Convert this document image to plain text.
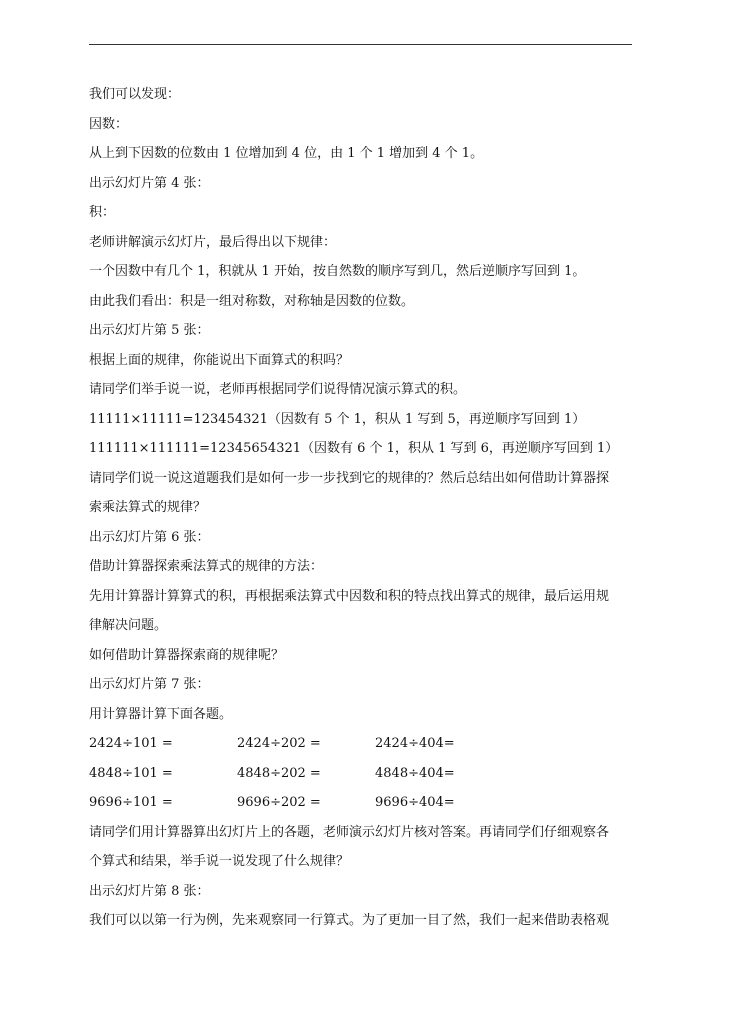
我们可以发现：

因数：

从上到下因数的位数由 1 位增加到 4 位，由 1 个 1 增加到 4 个 1。

出示幻灯片第 4 张：

积：

老师讲解演示幻灯片，最后得出以下规律：

一个因数中有几个 1，积就从 1 开始，按自然数的顺序写到几，然后逆顺序写回到 1。

由此我们看出：积是一组对称数，对称轴是因数的位数。

出示幻灯片第 5 张：

根据上面的规律，你能说出下面算式的积吗？

请同学们举手说一说，老师再根据同学们说得情况演示算式的积。

11111×11111=123454321（因数有 5 个 1，积从 1 写到 5，再逆顺序写回到 1）

111111×111111=12345654321（因数有 6 个 1，积从 1 写到 6，再逆顺序写回到 1）

请同学们说一说这道题我们是如何一步一步找到它的规律的？然后总结出如何借助计算器探

索乘法算式的规律？

出示幻灯片第 6 张：

借助计算器探索乘法算式的规律的方法：

先用计算器计算算式的积，再根据乘法算式中因数和积的特点找出算式的规律，最后运用规

律解决问题。

如何借助计算器探索商的规律呢？

出示幻灯片第 7 张：

用计算器计算下面各题。

2424÷101 =	2424÷202 =	2424÷404=
4848÷101 =	4848÷202 =	4848÷404=
9696÷101 =	9696÷202 =	9696÷404=

请同学们用计算器算出幻灯片上的各题，老师演示幻灯片核对答案。再请同学们仔细观察各

个算式和结果，举手说一说发现了什么规律？

出示幻灯片第 8 张：

我们可以以第一行为例，先来观察同一行算式。为了更加一目了然，我们一起来借助表格观
